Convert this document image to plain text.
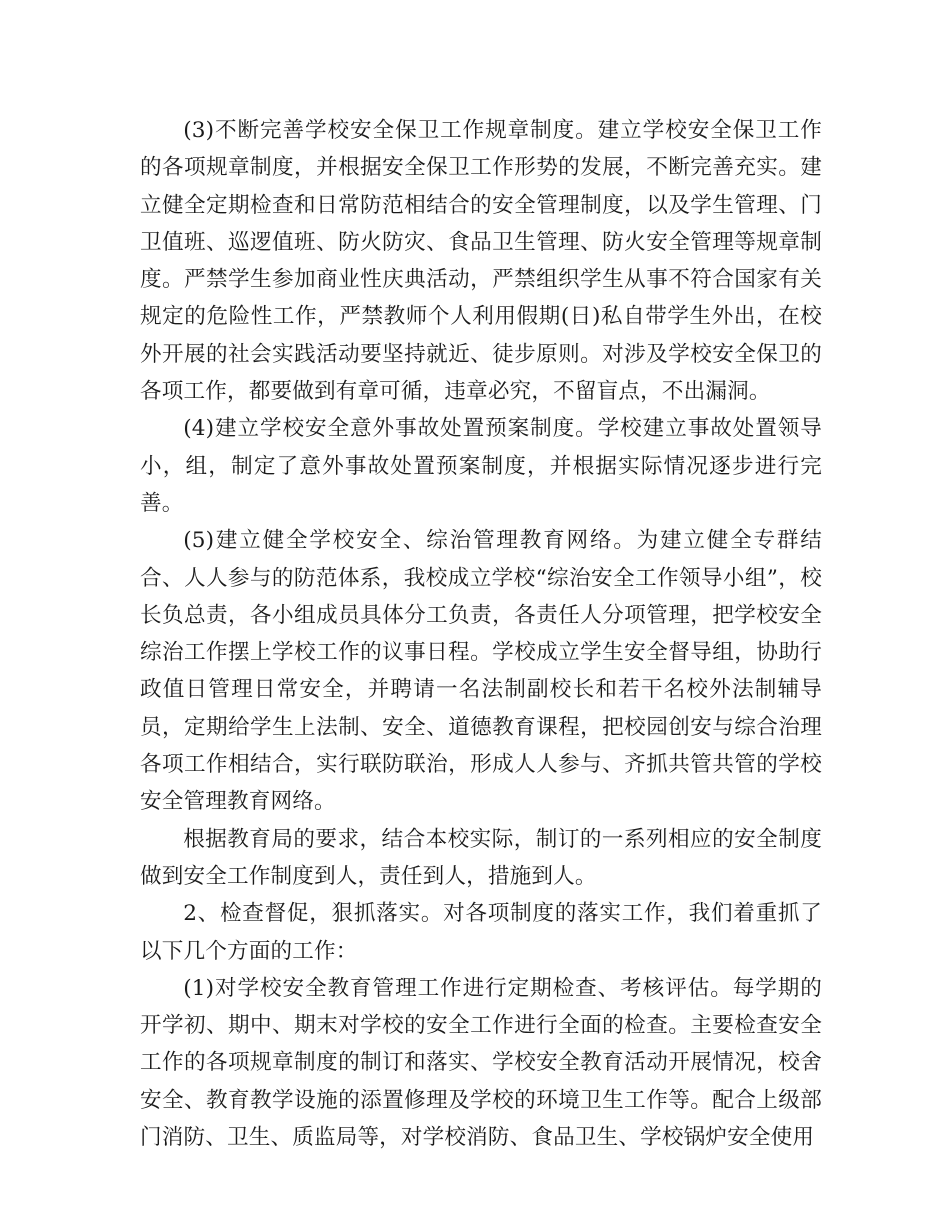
(3)不断完善学校安全保卫工作规章制度。建立学校安全保卫工作的各项规章制度，并根据安全保卫工作形势的发展，不断完善充实。建立健全定期检查和日常防范相结合的安全管理制度，以及学生管理、门卫值班、巡逻值班、防火防灾、食品卫生管理、防火安全管理等规章制度。严禁学生参加商业性庆典活动，严禁组织学生从事不符合国家有关规定的危险性工作，严禁教师个人利用假期(日)私自带学生外出，在校外开展的社会实践活动要坚持就近、徒步原则。对涉及学校安全保卫的各项工作，都要做到有章可循，违章必究，不留盲点，不出漏洞。

(4)建立学校安全意外事故处置预案制度。学校建立事故处置领导小，组，制定了意外事故处置预案制度，并根据实际情况逐步进行完善。

(5)建立健全学校安全、综治管理教育网络。为建立健全专群结合、人人参与的防范体系，我校成立学校“综治安全工作领导小组”，校长负总责，各小组成员具体分工负责，各责任人分项管理，把学校安全综治工作摆上学校工作的议事日程。学校成立学生安全督导组，协助行政值日管理日常安全，并聘请一名法制副校长和若干名校外法制辅导员，定期给学生上法制、安全、道德教育课程，把校园创安与综合治理各项工作相结合，实行联防联治，形成人人参与、齐抓共管共管的学校安全管理教育网络。

根据教育局的要求，结合本校实际，制订的一系列相应的安全制度做到安全工作制度到人，责任到人，措施到人。

2、检查督促，狠抓落实。对各项制度的落实工作，我们着重抓了以下几个方面的工作：

(1)对学校安全教育管理工作进行定期检查、考核评估。每学期的开学初、期中、期末对学校的安全工作进行全面的检查。主要检查安全工作的各项规章制度的制订和落实、学校安全教育活动开展情况，校舍安全、教育教学设施的添置修理及学校的环境卫生工作等。配合上级部门消防、卫生、质监局等，对学校消防、食品卫生、学校锅炉安全使用
